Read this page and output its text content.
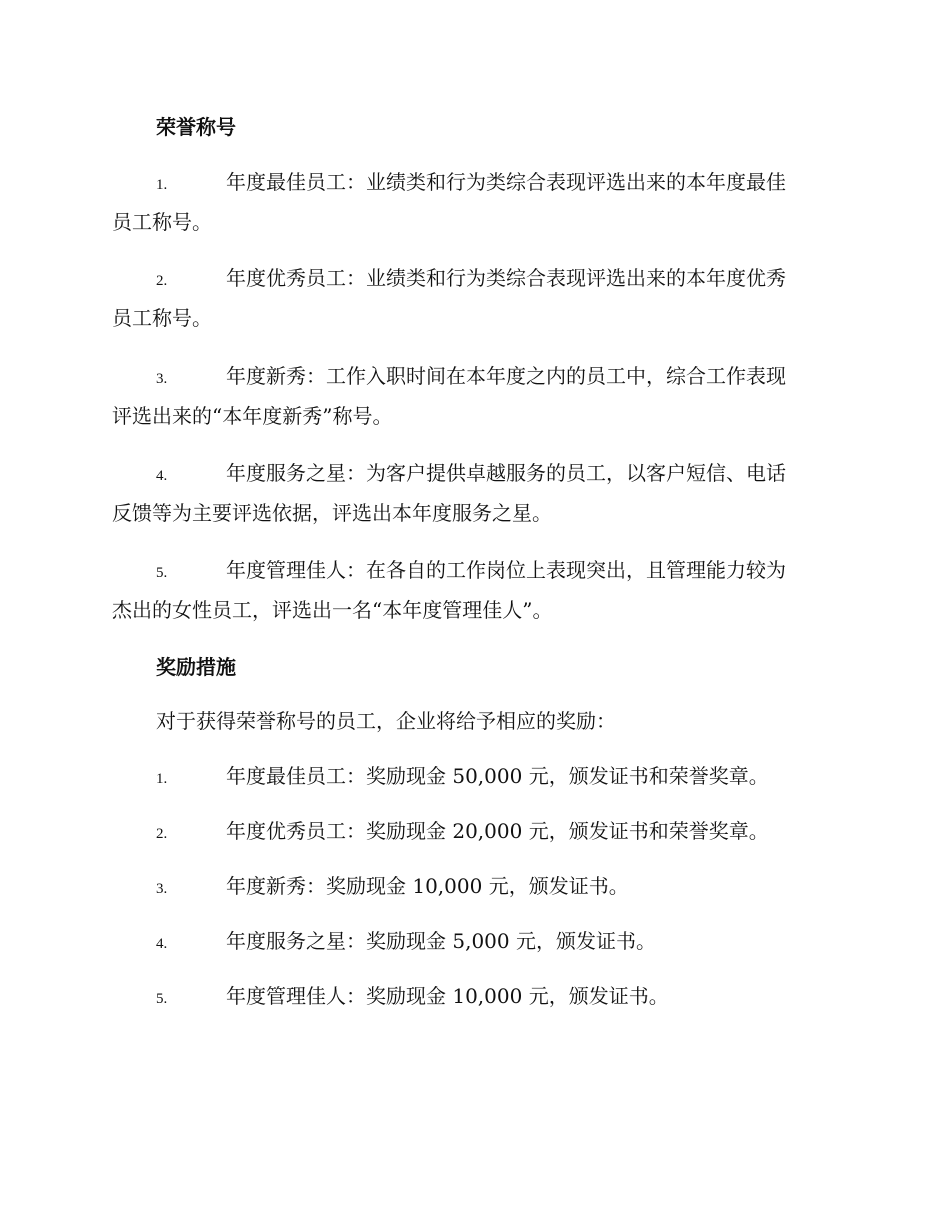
荣誉称号
1.	年度最佳员工：业绩类和行为类综合表现评选出来的本年度最佳
员工称号。
2.	年度优秀员工：业绩类和行为类综合表现评选出来的本年度优秀
员工称号。
3.	年度新秀：工作入职时间在本年度之内的员工中，综合工作表现
评选出来的“本年度新秀”称号。
4.	年度服务之星：为客户提供卓越服务的员工，以客户短信、电话
反馈等为主要评选依据，评选出本年度服务之星。
5.	年度管理佳人：在各自的工作岗位上表现突出，且管理能力较为
杰出的女性员工，评选出一名“本年度管理佳人”。
奖励措施
对于获得荣誉称号的员工，企业将给予相应的奖励：
1.	年度最佳员工：奖励现金 50,000 元，颁发证书和荣誉奖章。
2.	年度优秀员工：奖励现金 20,000 元，颁发证书和荣誉奖章。
3.	年度新秀：奖励现金 10,000 元，颁发证书。
4.	年度服务之星：奖励现金 5,000 元，颁发证书。
5.	年度管理佳人：奖励现金 10,000 元，颁发证书。
